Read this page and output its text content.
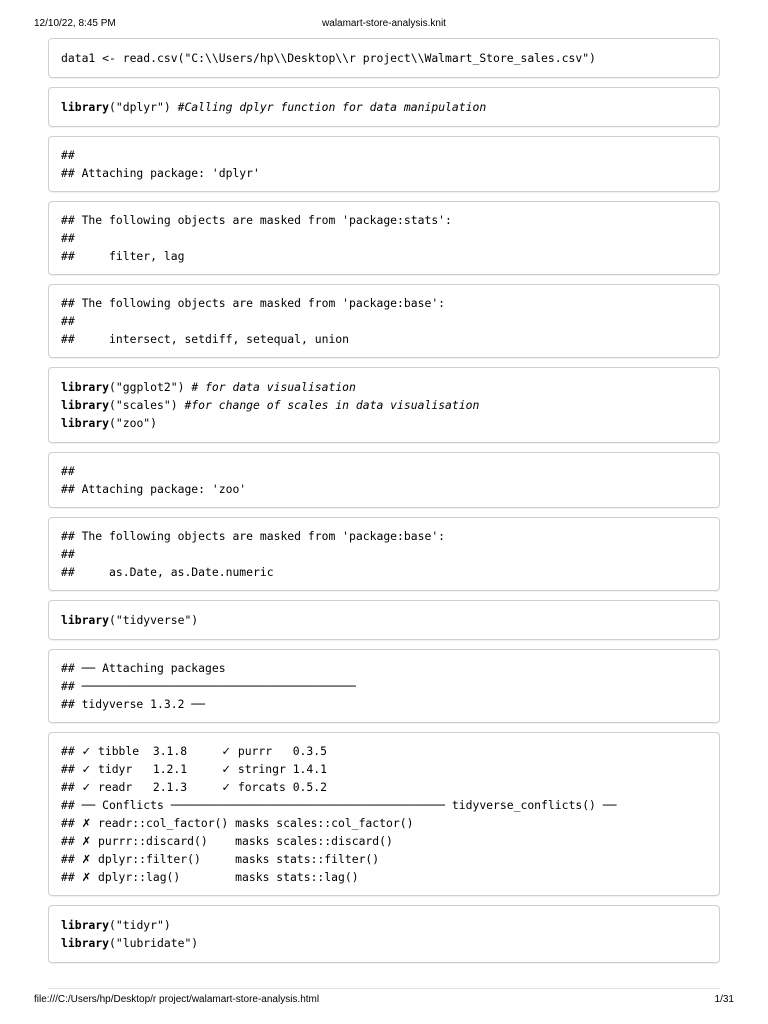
12/10/22, 8:45 PM	walamart-store-analysis.knit
data1 <- read.csv("C:\\Users/hp\\Desktop\\r project\\Walmart_Store_sales.csv")
library("dplyr") #Calling dplyr function for data manipulation
##
## Attaching package: 'dplyr'
## The following objects are masked from 'package:stats':
##
##     filter, lag
## The following objects are masked from 'package:base':
##
##     intersect, setdiff, setequal, union
library("ggplot2") # for data visualisation
library("scales") #for change of scales in data visualisation
library("zoo")
##
## Attaching package: 'zoo'
## The following objects are masked from 'package:base':
##
##     as.Date, as.Date.numeric
library("tidyverse")
## ── Attaching packages
## ────────────────────────────────────────
## tidyverse 1.3.2 ──
## ✓ tibble  3.1.8     ✓ purrr   0.3.5
## ✓ tidyr   1.2.1     ✓ stringr 1.4.1
## ✓ readr   2.1.3     ✓ forcats 0.5.2
## ── Conflicts ──────────────────────────────────────── tidyverse_conflicts() ──
## ✗ readr::col_factor() masks scales::col_factor()
## ✗ purrr::discard()    masks scales::discard()
## ✗ dplyr::filter()     masks stats::filter()
## ✗ dplyr::lag()        masks stats::lag()
library("tidyr")
library("lubridate")
file:///C:/Users/hp/Desktop/r project/walamart-store-analysis.html	1/31
